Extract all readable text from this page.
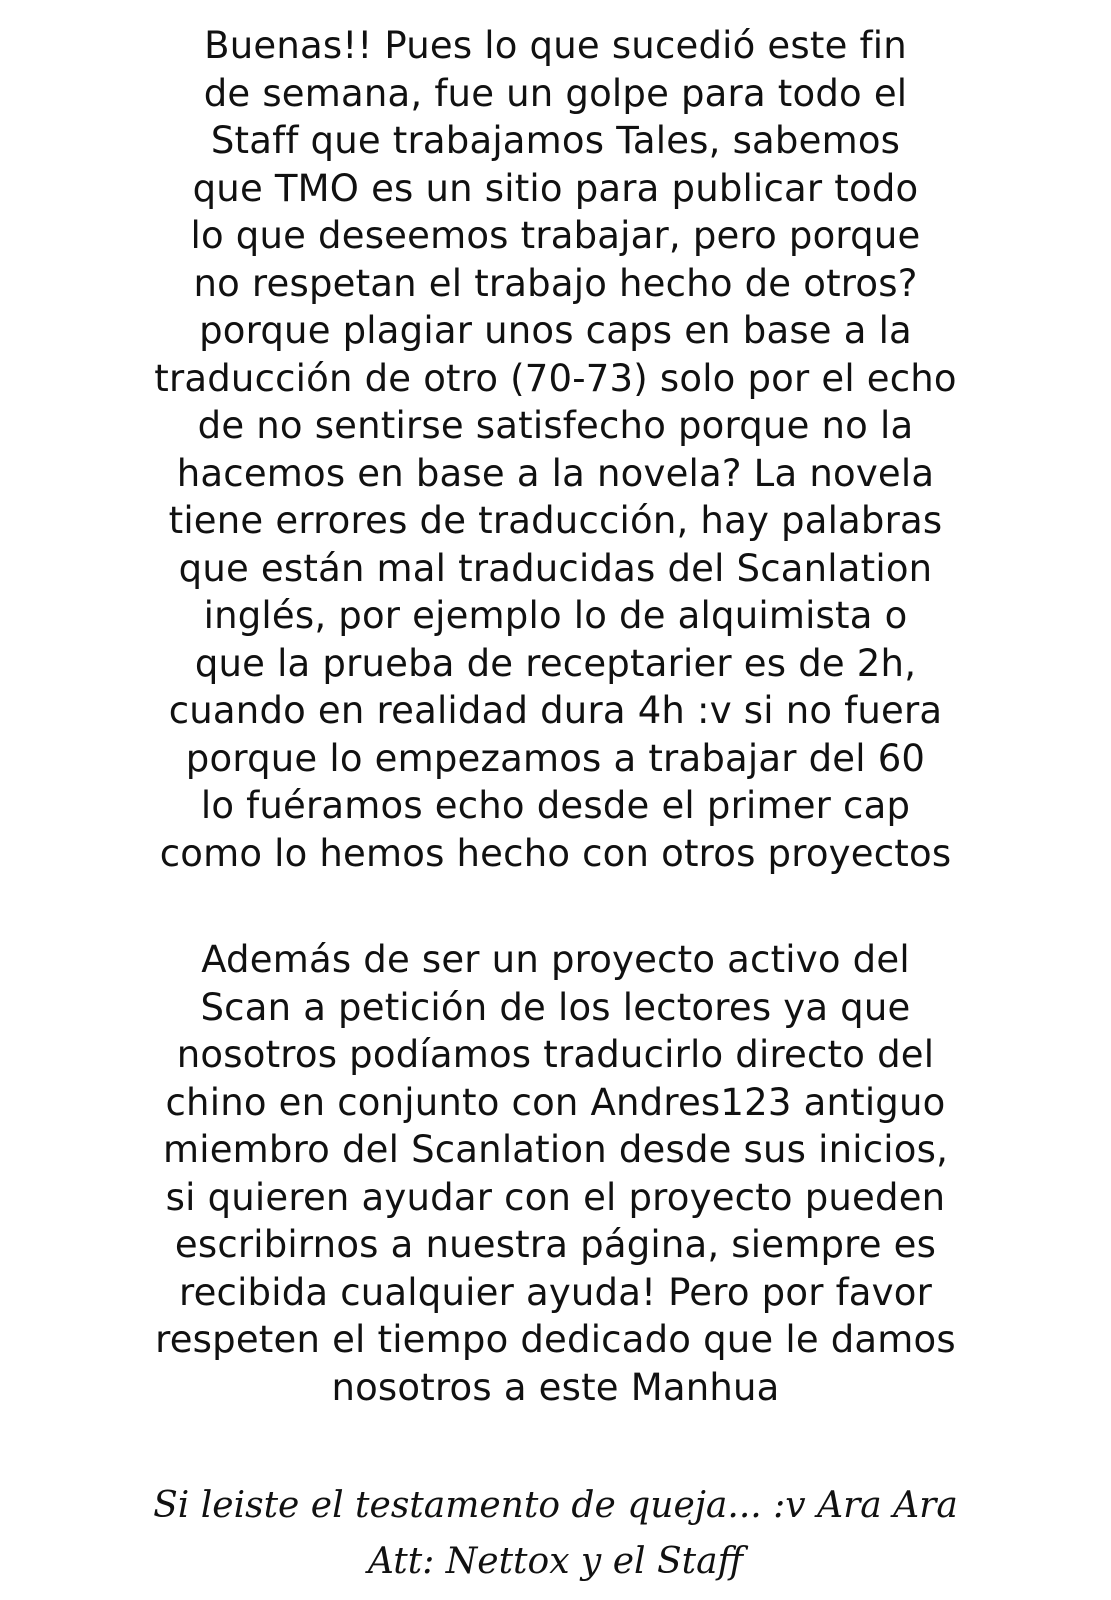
Buenas!! Pues lo que sucedió este fin
de semana, fue un golpe para todo el
Staff que trabajamos Tales, sabemos
que TMO es un sitio para publicar todo
lo que deseemos trabajar, pero porque
no respetan el trabajo hecho de otros?
porque plagiar unos caps en base a la
traducción de otro (70-73) solo por el echo
de no sentirse satisfecho porque no la
hacemos en base a la novela? La novela
tiene errores de traducción, hay palabras
que están mal traducidas del Scanlation
inglés, por ejemplo lo de alquimista o
que la prueba de receptarier es de 2h,
cuando en realidad dura 4h :v si no fuera
porque lo empezamos a trabajar del 60
lo fuéramos echo desde el primer cap
como lo hemos hecho con otros proyectos
Además de ser un proyecto activo del
Scan a petición de los lectores ya que
nosotros podíamos traducirlo directo del
chino en conjunto con Andres123 antiguo
miembro del Scanlation desde sus inicios,
si quieren ayudar con el proyecto pueden
escribirnos a nuestra página, siempre es
recibida cualquier ayuda! Pero por favor
respeten el tiempo dedicado que le damos
nosotros a este Manhua
Si leiste el testamento de queja... :v Ara Ara
Att: Nettox y el Staff
